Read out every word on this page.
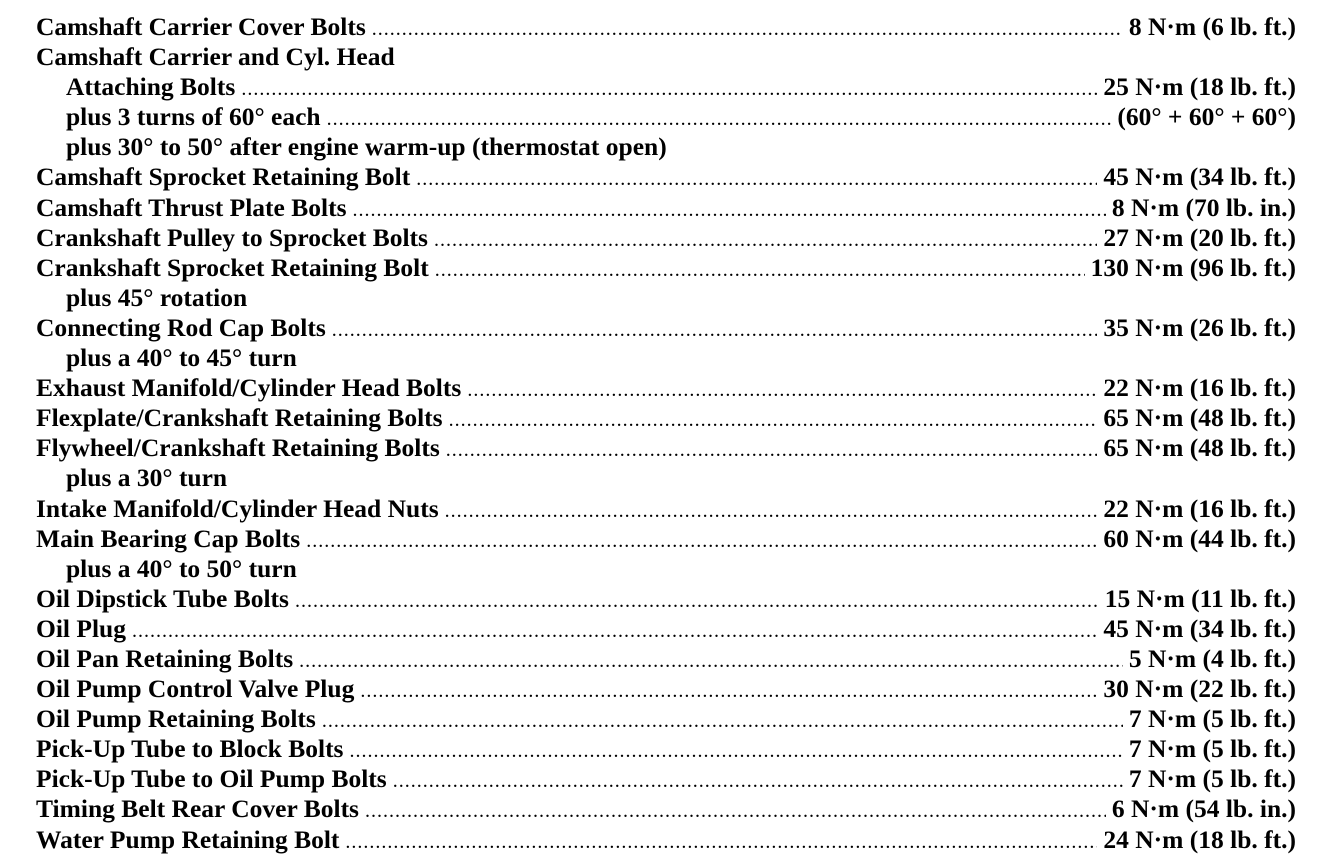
Camshaft Carrier Cover Bolts .....	8 N·m (6 lb. ft.)
Camshaft Carrier and Cyl. Head
Attaching Bolts .....	25 N·m (18 lb. ft.)
plus 3 turns of 60° each .....	(60° + 60° + 60°)
plus 30° to 50° after engine warm-up (thermostat open)
Camshaft Sprocket Retaining Bolt .....	45 N·m (34 lb. ft.)
Camshaft Thrust Plate Bolts .....	8 N·m (70 lb. in.)
Crankshaft Pulley to Sprocket Bolts .....	27 N·m (20 lb. ft.)
Crankshaft Sprocket Retaining Bolt .....	130 N·m (96 lb. ft.)
plus 45° rotation
Connecting Rod Cap Bolts .....	35 N·m (26 lb. ft.)
plus a 40° to 45° turn
Exhaust Manifold/Cylinder Head Bolts .....	22 N·m (16 lb. ft.)
Flexplate/Crankshaft Retaining Bolts .....	65 N·m (48 lb. ft.)
Flywheel/Crankshaft Retaining Bolts .....	65 N·m (48 lb. ft.)
plus a 30° turn
Intake Manifold/Cylinder Head Nuts .....	22 N·m (16 lb. ft.)
Main Bearing Cap Bolts .....	60 N·m (44 lb. ft.)
plus a 40° to 50° turn
Oil Dipstick Tube Bolts .....	15 N·m (11 lb. ft.)
Oil Plug .....	45 N·m (34 lb. ft.)
Oil Pan Retaining Bolts .....	5 N·m (4 lb. ft.)
Oil Pump Control Valve Plug .....	30 N·m (22 lb. ft.)
Oil Pump Retaining Bolts .....	7 N·m (5 lb. ft.)
Pick-Up Tube to Block Bolts .....	7 N·m (5 lb. ft.)
Pick-Up Tube to Oil Pump Bolts .....	7 N·m (5 lb. ft.)
Timing Belt Rear Cover Bolts .....	6 N·m (54 lb. in.)
Water Pump Retaining Bolt .....	24 N·m (18 lb. ft.)
